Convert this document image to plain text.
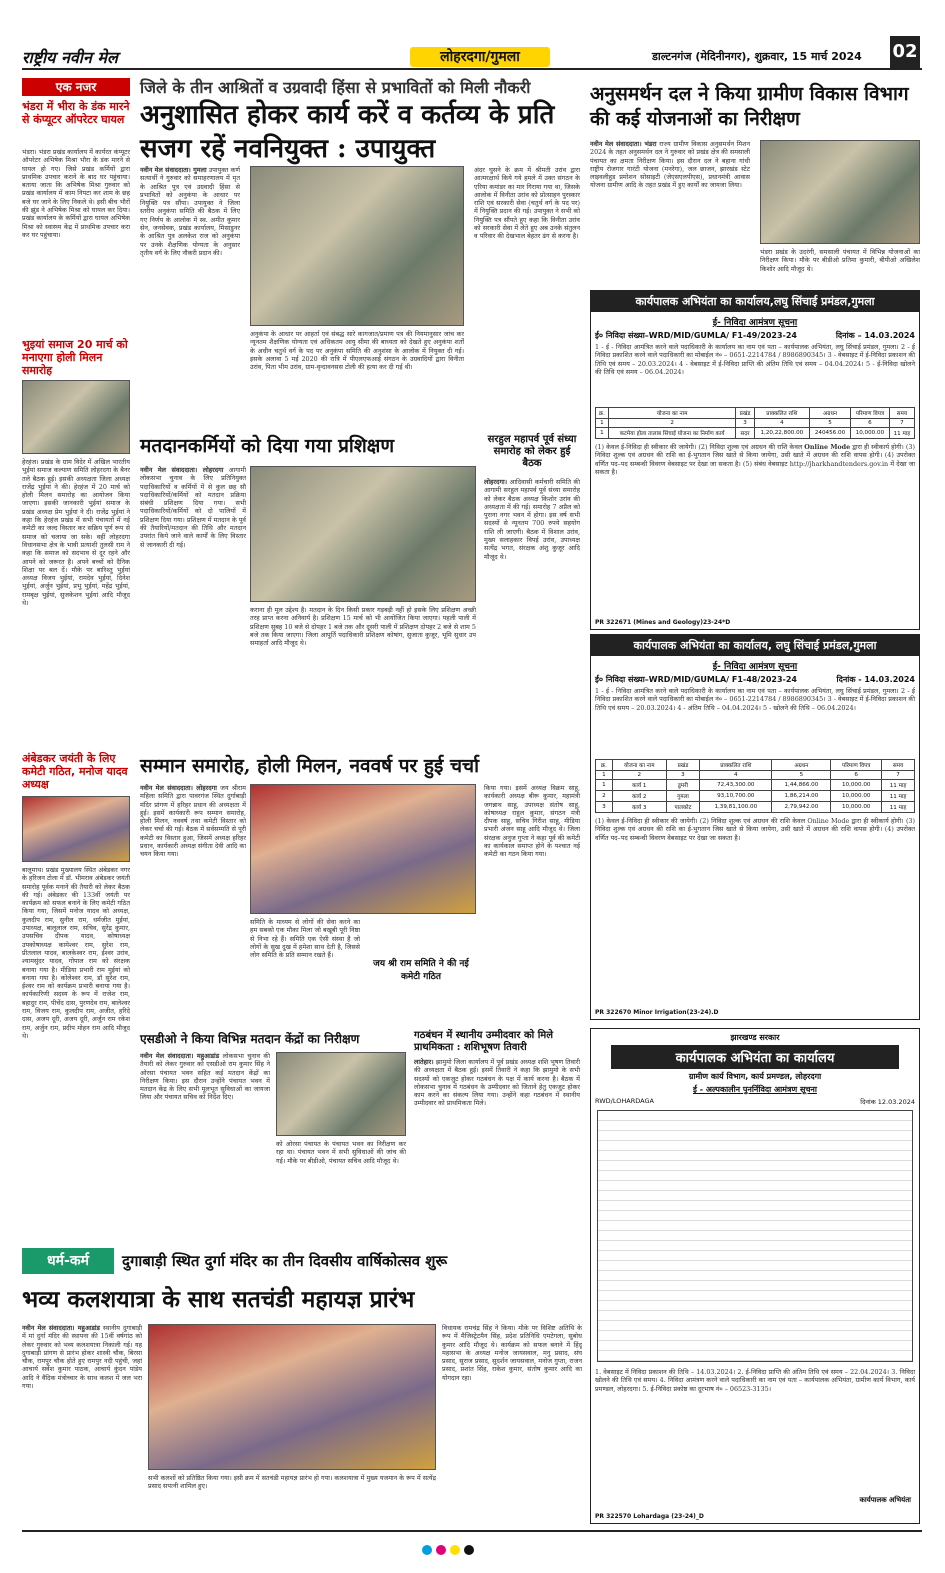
राष्ट्रीय नवीन मेल	लोहरदगा/गुमला	डाल्टनगंज (मेदिनीनगर), शुक्रवार, 15 मार्च 2024 02
एक नजर
भंडरा में भीरा के डंक मारने से कंप्यूटर ऑपरेटर घायल
भंडरा। भंडरा प्रखंड कार्यालय में कार्यरत कंप्यूटर ऑपरेटर अभिषेक मिश्रा भौरा के डंक मारने से घायल हो गए। जिसे प्रखंड कर्मियों द्वारा प्राथमिक उपचार कराने के बाद घर पहुंचाया। बताया जाता कि अभिषेक मिश्रा गुरुवार को प्रखंड कार्यालय में काम निपटा कर शाम के छह बजे घर जाने के लिए निकले थे। इसी बीच भौरों की झुंड ने अभिषेक मिश्रा को घायल कर दिया। प्रखंड कार्यालय के कर्मियों द्वारा घायल अभिषेक मिश्रा को स्वास्थ्य केंद्र में प्राथमिक उपचार करा कर घर पहुंचाया।
भुइयां समाज 20 मार्च को मनाएगा होली मिलन समारोह
हेरहंज। प्रखंड के ग्राम विदेर में अखिल भारतीय भुईयां समाज कल्याण समिति लोहरदगा के बैनर तले बैठक हुई। इसकी अध्यक्षता जिला अध्यक्ष राजेंद्र भुईयां ने की। हेरहंज में 20 मार्च को होली मिलन समारोह का आयोजन किया जाएगा। इसकी जानकारी भुईयां समाज के प्रखंड अध्यक्ष प्रेम भुईयां ने दी। राजेंद्र भुईयां ने कहा कि हेरहंज प्रखंड में सभी पंचायतों में नई कमेटी का जल्द विस्तार कर सक्रिय पूर्ण रूप से समाज को चलाया जा सके। वहीं लोहरदगा विधानसभा क्षेत्र के भावी प्रत्याशी तुलसी राम ने कहा कि समाज को सदभाव से दूर रहने और आपने को जरूरत है। अपने बच्चों को दैनिक शिक्षा पर बल दें। मौके पर बारिश्तु भुईयां अध्यक्ष विजय भुईयां, रामदेव भुईयां, दिनेश भुईयां, अर्जुन भुईयां, प्रभु भुईयां, महेंद्र भुईयां, रामबृक्ष भुईयां, सुजकेशन भुईयां आदि मौजूद थे।
अंबेडकर जयंती के लिए कमेटी गठित, मनोज यादव अध्यक्ष
बालूमाथ। प्रखंड मुख्यालय स्थित अंबेडकर नगर के हरिजन टोला में डॉ. भीमराव अंबेडकर जयंती समारोह पूर्वक मनाने की तैयारी को लेकर बैठक की गई। अंबेडकर की 133वीं जयंती पर कार्यक्रम को सफल बनाने के लिए कमेटी गठित किया गया, जिसमें मनोज यादव को अध्यक्ष, कुलदीप राम, सुनील राम, धर्मजीत मुईयां, उपाध्यक्ष, बालूलाल राम, सचिव, सुरेंद्र कुमार, उपसचिव दीपक यादव, कोषाध्यक्ष उपकोषाध्यक्ष कामेश्वर राम, सुरेश राम, प्रीतलाल यादव, बालकेश्वर राम, ईश्वर उरांव, श्यामसुंदर यादव, गोपाल राम को संरक्षक बनाया गया है। मीडिया प्रभारी राम मुईयां को बनाया गया है। कोलेश्वर राम, डॉ सुरेश राम, ईश्वर राम को कार्यक्रम प्रभारी बनाया गया है। कार्यकारिणी सदस्य के रूप में राजेश राम, बहादुर राम, पीचेंद दास, पुरणदेव राम, बालेश्वर राम, विजय राम, कुलदीप राम, अजीत, हरिदे दास, अजय दूरी, अजय दूरी, अर्जुन राम रकेश राम, अर्जुन राम, प्रदीप मोहन राम आदि मौजूद थे।
जिले के तीन आश्रितों व उग्रवादी हिंसा से प्रभावितों को मिली नौकरी
अनुशासित होकर कार्य करें व कर्तव्य के प्रति सजग रहें नवनियुक्त : उपायुक्त
नवीन मेल संवाददाता। गुमला उपायुक्त कर्ण सत्यार्थी ने गुरुवार को समाहरणालय में मृत के आश्रित पुत्र एवं उग्रवादी हिंसा से प्रभावितों को अनुकंपा के आधार पर नियुक्ति पत्र सौंपा। उपायुक्त ने जिला स्तरीय अनुकंपा समिति की बैठक में लिए गए निर्णय के आलोक में स्व. अमीत कुमार सेन, जनसेवक, प्रखंड कार्यालय, मिसाडुनर के आश्रित पुत्र अलकेश राज को अनुकंपा पर उनके शैक्षणिक योग्यता के अनुसार तृतीय वर्ग के लिए नौकरी प्रदान की।
अनुकंपा के आधार पर आहर्ता एवं संबद्ध सारे कागजात/प्रमाण पत्र की नियमानुसार जांच कर न्यूनतम शैक्षणिक योग्यता एवं अधिकतम आयु सीमा की बाध्यता को देखते हुए अनुकंपा शर्तों के अधीन चतुर्थ वर्ग के पद पर अनुकंपा समिति की अनुशंसा के आलोक में नियुक्त दी गई। इसके अलावा 5 मई 2020 की रात्रि में पीएलएफआई संगठन के उग्रवादियों द्वारा विनीता उरांव, पिता भीम उरांव, ग्राम-वृन्दावनसस टोली की हत्या कर दी गई थी।
अंदर घुसने के क्रम में श्रीमती उरांव द्वारा आत्मरक्षार्थ किये गये हमले में उक्त संगठन के एरिया कमांडर का मार गिराया गया था, जिसके आलोक में विनीता उरांव को प्रोत्साहन पुरस्कार राशि एवं सरकारी सेवा (चतुर्थ वर्ग के पद पर) में नियुक्ति प्रदान की गई। उपायुक्त ने सभी को नियुक्ति पत्र सौंपते हुए कहा कि विनीता उरांव को सरकारी सेवा में लेते हुए अब उनके संतुलन व परिवार की देखभाल बेहतर ढंग से करना है।
अनुसमर्थन दल ने किया ग्रामीण विकास विभाग की कई योजनाओं का निरीक्षण
नवीन मेल संवाददाता। भंडरा राज्य ग्रामीण विकास अनुसमर्थन मिशन 2024 के तहत अनुसमर्थन दल ने गुरुवार को प्रखंड क्षेत्र की समसाली पंचायत का क्षमता निरीक्षण किया। इस दौरान दल ने बहाना गांधी राष्ट्रीय रोजगार गारंटी योजना (मनरेगा), जल छाजन, झारखंड स्टेट लाइवलीहुड प्रमोशन सोसाइटी (जेएसएलपीएस), प्रधानमंत्री आवास योजना ग्रामीण आदि के तहत प्रखंड में हुए कार्यों का जायजा लिया।
भंडरा प्रखंड के उदरंगी, समसाली पंचायत में विभिन्न योजनाओं का निरीक्षण किया। मौके पर बीडीओ प्रतिमा कुमारी, बीपीओ अखिलेश किशोर आदि मौजूद थे।
कार्यपालक अभियंता का कार्यालय,लघु सिंचाई प्रमंडल,गुमला
ई- निविदा आमंत्रण सूचना
ई० निविदा संख्या–WRD/MID/GUMLA/ F1-49/2023-24	दिनांक – 14.03.2024
1 - ई - निविदा आमंत्रित करने वाले पदाधिकारी के कार्यालय का नाम एवं पता – कार्यपालक अभियंता, लघु सिंचाई प्रमंडल, गुमला। 2 - ई निविदा प्रकाशित करने वाले पदाधिकारी का मोबाईल नं० – 0651-2214784 / 8986890345। 3 - वेबसाइट में ई-निविदा प्रकाशन की तिथि एवं समय – 20.03.2024। 4 - वेबसाइट में ई-निविदा प्राप्ति की अंतिम तिथि एवं समय – 04.04.2024। 5 - ई-निविदा खोलने की तिथि एवं समय – 06.04.2024।
क्र.	योजना का नाम	प्रखंड	प्राक्कलित राशि	अग्रधन	परिमाण विपत्र	समय
1	2	3	4	5	6	7
1	कटमेया होला तालाब सिंचाई योजना का निर्माण कार्य	सदर	1,20,22,800.00	240456.00	10,000.00	11 माह
(1) केवल ई-निविदा ही स्वीकार की जायेगी। (2) निविदा शुल्क एवं अग्रधन की राशि केवल Online Mode द्वारा ही स्वीकार्य होगी। (3) निविदा शुल्क एवं अग्रधन की राशि का ई-भुगतान जिस खाते से किया जायेगा, उसी खाते में अग्रधन की राशि वापस होगी। (4) उपरोक्त वर्णित पद–पद सम्बन्धी विवरण वेबसाइट पर देखा जा सकता है। (5) संबंध वेबसाइट http://jharkhandtenders.gov.in में देखा जा सकता है।
PR 322671 (Mines and Geology)23-24*D
कार्यपालक अभियंता का कार्यालय, लघु सिंचाई प्रमंडल,गुमला
ई- निविदा आमंत्रण सूचना
ई० निविदा संख्या–WRD/MID/GUMLA/ F1-48/2023-24	दिनांक - 14.03.2024
1 - ई - निविदा आमंत्रित करने वाले पदाधिकारी के कार्यालय का नाम एवं पता – कार्यपालक अभियंता, लघु सिंचाई प्रमंडल, गुमला। 2 - ई निविदा प्रकाशित करने वाले पदाधिकारी का मोबाईल नं० – 0651-2214784 / 8986890345। 3 - वेबसाइट में ई-निविदा प्रकाशन की तिथि एवं समय – 20.03.2024। 4 - अंतिम तिथि – 04.04.2024। 5 - खोलने की तिथि – 06.04.2024।
क्र.	योजना का नाम	प्रखंड	प्राक्कलित राशि	अग्रधन	परिमाण विपत्र	समय
1	2	3	4	5	6	7
1	कार्य 1	डुमरी	72,43,300.00	1,44,866.00	10,000.00	11 माह
2	कार्य 2	गुमला	93,10,700.00	1,86,214.00	10,000.00	11 माह
3	कार्य 3	पालकोट	1,39,81,100.00	2,79,942.00	10,000.00	11 माह
(1) केवल ई-निविदा ही स्वीकार की जायेगी। (2) निविदा शुल्क एवं अग्रधन की राशि केवल Online Mode द्वारा ही स्वीकार्य होगी। (3) निविदा शुल्क एवं अग्रधन की राशि का ई-भुगतान जिस खाते से किया जायेगा, उसी खाते में अग्रधन की राशि वापस होगी। (4) उपरोक्त वर्णित पद–पद सम्बन्धी विवरण वेबसाइट पर देखा जा सकता है।
PR 322670 Minor Irrigation(23-24).D
झारखण्ड सरकार
कार्यपालक अभियंता का कार्यालय
ग्रामीण कार्य विभाग, कार्य प्रमण्डल, लोहरदगा
ई - अल्पकालीन पुनर्निविदा आमंत्रण सूचना
RWD/LOHARDAGA	दिनांक 12.03.2024
1. वेबसाइट में निविदा प्रकाशन की तिथि – 14.03.2024। 2. ई-निविदा प्राप्ति की अंतिम तिथि एवं समय – 22.04.2024। 3. निविदा खोलने की तिथि एवं समय। 4. निविदा आमंत्रण करने वाले पदाधिकारी का नाम एवं पता – कार्यपालक अभियंता, ग्रामीण कार्य विभाग, कार्य प्रमण्डल, लोहरदगा। 5. ई-निविदा प्रकोष्ठ का दूरभाष नं० – 06523-3135।
कार्यपालक अभियंता
PR 322570 Lohardaga (23-24)_D
मतदानकर्मियों को दिया गया प्रशिक्षण
नवीन मेल संवाददाता। लोहरदगा आगामी लोकसभा चुनाव के लिए प्रतिनियुक्त पदाधिकारियों व कर्मियों में से कुल छह सौ पदाधिकारियों/कर्मियों को मतदान प्रक्रिया संबंधी प्रशिक्षण दिया गया। सभी पदाधिकारियों/कर्मियों को दो पालियों में प्रशिक्षण दिया गया। प्रशिक्षण में मतदान के पूर्व की तैयारियों/मतदान की तिथि और मतदान उपरांत किये जाने वाले कार्यों के लिए विस्तार से जानकारी दी गई।
कराना ही मूल उद्देश्य है। मतदान के दिन किसी प्रकार गड़बड़ी नहीं हो इसके लिए प्रशिक्षण अच्छी तरह प्राप्त करना अनिवार्य है। प्रशिक्षण 15 मार्च को भी आयोजित किया जाएगा। पहली पाली में प्रशिक्षण सुबह 10 बजे से दोपहर 1 बजे तक और दूसरी पाली में प्रशिक्षण दोपहर 2 बजे से शाम 5 बजे तक किया जाएगा। जिला आपूर्ति पदाधिकारी प्रशिक्षण कोषांग, सुजाता कुजूर, भूमि सुधार उप समाहर्ता आदि मौजूद थे।
सरहुल महापर्व पूर्व संध्या समारोह को लेकर हुई बैठक
लोहरदगा। आदिवासी कर्मचारी समिति की आगामी सरहुल महापर्व पूर्व संध्या समारोह को लेकर बैठक अध्यक्ष किशोर उरांव की अध्यक्षता में की गई। समारोह 7 अप्रैल को पुराना नगर भवन में होगा। इस वर्ष सभी सदस्यों से न्यूनतम 700 रुपये सहयोग राशि ली जाएगी। बैठक में विशाल उरांव, मुख्य सलाहकार विपई उरांव, उपाध्यक्ष सत्येंद्र भगत, संरक्षक अंशु कुजूर आदि मौजूद थे।
सम्मान समारोह, होली मिलन, नववर्ष पर हुई चर्चा
नवीन मेल संवाददाता। लोहरदगा जय श्रीराम महिला समिति द्वारा पावरगंज स्थित दुर्गाबाड़ी मंदिर प्रांगण में हरिहर प्रधान की अध्यक्षता में हुई। इसमें कार्यकारी रूप सम्मान समारोह, होली मिलन, नववर्ष तथा कमेटी विस्तार को लेकर चर्चा की गई। बैठक में सर्वसम्मति से पूरी कमेटी का विस्तार हुआ, जिसमें अध्यक्ष हरिहर प्रधान, कार्यकारी अध्यक्ष संगीता देवी आदि का चयन किया गया।
समिति के माध्यम से लोगों की सेवा करने का हम सबको एक मौका मिला जो बखूबी पूरी निष्ठा से निभा रहे हैं। समिति एक ऐसी संस्था है जो लोगों के सुख दुख में हमेशा साथ देती है, जिससे लोग समिति के प्रति सम्मान रखते हैं।
जय श्री राम समिति ने की नई कमेटी गठित
किया गया। इसमें अध्यक्ष विक्रम साहू, कार्यकारी अध्यक्ष बीरू कुमार, महामंत्री जगन्नाथ साहू, उपाध्यक्ष संतोष साहू, कोषाध्यक्ष राहुल कुमार, संगठन मंत्री दीपक साहू, सचिव गिरीश साहू, मीडिया प्रभारी अंजन साहू आदि मौजूद थे। जिला संरक्षक अनुज गुप्ता ने कहा पूर्व की कमेटी का कार्यकाल समाप्त होने के पश्चात नई कमेटी का गठन किया गया।
एसडीओ ने किया विभिन्न मतदान केंद्रों का निरीक्षण
नवीन मेल संवाददाता। महुआडांड लोकसभा चुनाव की तैयारी को लेकर गुरुवार को एसडीओ राम कुमार सिंह ने ओरसा पंचायत भवन सहित कई मतदान केंद्रों का निरीक्षण किया। इस दौरान उन्होंने पंचायत भवन में मतदान केंद्र के लिए सभी मूलभूत सुविधाओं का जायजा लिया और पंचायत सचिव को निर्देश दिए।
को ओरसा पंचायत के पंचायत भवन का निरीक्षण कर रहा था। पंचायत भवन में सभी सुविधाओं की जांच की गई। मौके पर बीडीओ, पंचायत सचिव आदि मौजूद थे।
गठबंधन में स्थानीय उम्मीदवार को मिले प्राथमिकता : शशिभूषण तिवारी
लातेहार। झामुमो जिला कार्यालय में पूर्व प्रखंड अध्यक्ष शशि भूषण तिवारी की अध्यक्षता में बैठक हुई। इसमें तिवारी ने कहा कि झामुमो के सभी सदस्यों को एकजुट होकर गठबंधन के पक्ष में कार्य करना है। बैठक में लोकसभा चुनाव में गठबंधन के उम्मीदवार को जिताने हेतु एकजुट होकर काम करने का संकल्प लिया गया। उन्होंने कहा गठबंधन में स्थानीय उम्मीदवार को प्राथमिकता मिले।
धर्म-कर्म	दुगाबाड़ी स्थित दुर्गा मंदिर का तीन दिवसीय वार्षिकोत्सव शुरू
भव्य कलशयात्रा के साथ सतचंडी महायज्ञ प्रारंभ
नवीन मेल संवाददाता। महुआडांड स्थानीय दुगाबाड़ी में मां दुर्गा मंदिर की स्थापना की 15वीं वर्षगांठ को लेकर गुरुवार को भव्य कलशयात्रा निकाली गई। यह दुगाबाड़ी प्रांगण से प्रारंभ होकर शास्त्री चौक, बिरसा चौक, रामपुर चौक होते हुए रामपुर नदी पहुंची, जहां आचार्य सर्वेश कुमार पाठक, आचार्य कुंदन पांडेय आदि ने वैदिक मंत्रोच्चार के साथ कलश में जल भरा गया।
सभी कलशों को प्रतिष्ठित किया गया। इसी क्रम में सतचंडी महायज्ञ प्रारंभ हो गया। कलशयात्रा में मुख्य यजमान के रूप में सत्येंद्र प्रसाद सपत्नी शामिल हुए।
विधायक रामचंद्र सिंह ने किया। मौके पर विशिष्ट अतिथि के रूप में मैजिस्ट्रेटमैन सिंह, प्रदेश प्रतिनिधि एमटेगला, सुबोध कुमार आदि मौजूद थे। कार्यक्रम को सफल बनाने में हिंदू महासभा के अध्यक्ष मनोज जायसवाल, मनु प्रसाद, संघ प्रसाद, सुराज प्रसाद, सुदर्शन जायसवाल, मनोज गुप्ता, राजन प्रसाद, प्रशांत सिंह, राकेश कुमार, संतोष कुमार आदि का योगदान रहा।
